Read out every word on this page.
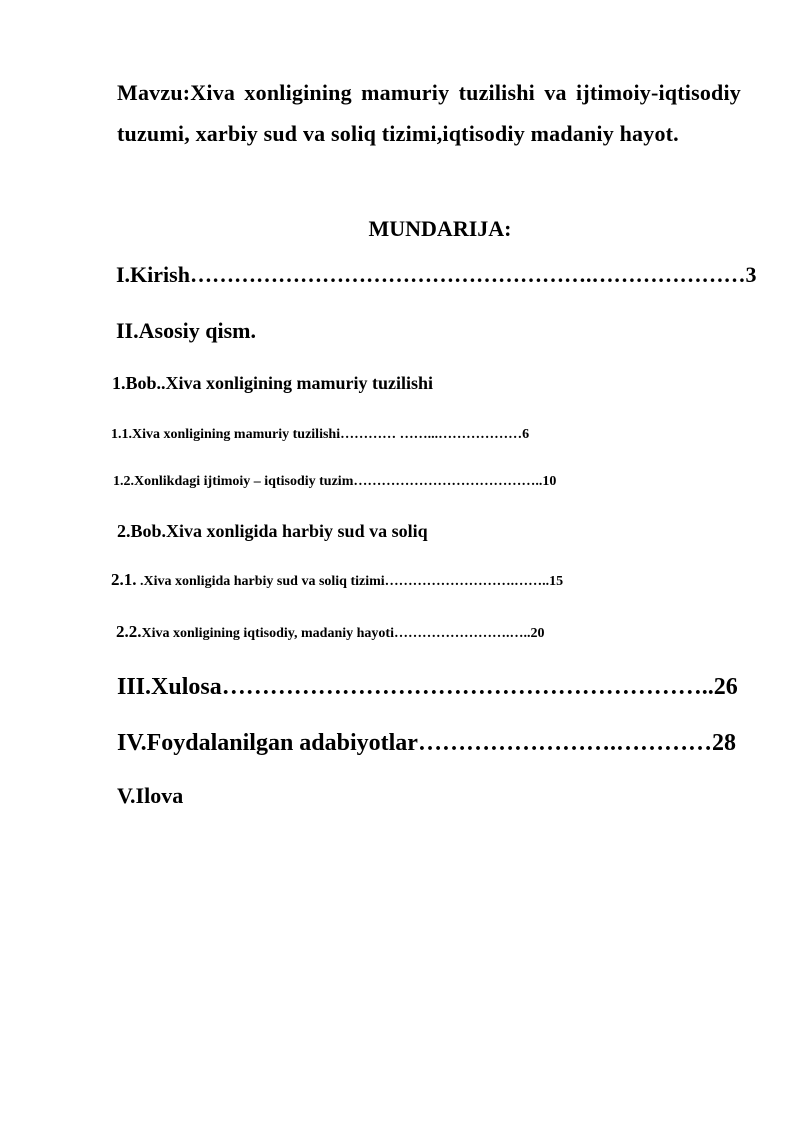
Mavzu:Xiva xonligining mamuriy tuzilishi va ijtimoiy-iqtisodiy tuzumi, xarbiy sud va soliq tizimi,iqtisodiy madaniy hayot.
MUNDARIJA:
I.Kirish……………………………………………….…………………3
II.Asosiy qism.
1.Bob..Xiva xonligining mamuriy tuzilishi
1.1.Xiva xonligining mamuriy tuzilishi………… ……...………………6
1.2.Xonlikdagi ijtimoiy – iqtisodiy tuzim…………………………………..10
2.Bob.Xiva xonligida harbiy sud va soliq
2.1. .Xiva xonligida harbiy sud va soliq tizimi……………………….……..15
2.2.Xiva xonligining iqtisodiy, madaniy hayoti…………………….…..20
III.Xulosa……………………………………………………..26
IV.Foydalanilgan adabiyotlar…………………….…………28
V.Ilova
